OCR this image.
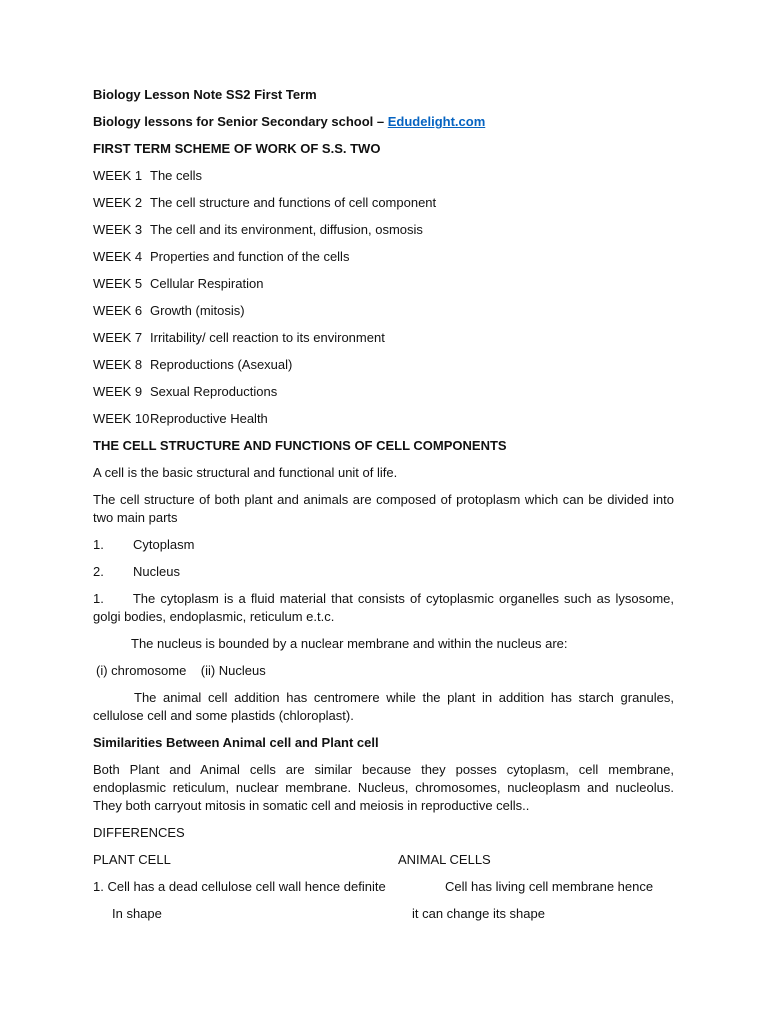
Biology Lesson Note SS2 First Term

Biology lessons for Senior Secondary school – Edudelight.com

FIRST TERM SCHEME OF WORK OF S.S. TWO

WEEK 1 The cells
WEEK 2 The cell structure and functions of cell component
WEEK 3 The cell and its environment, diffusion, osmosis
WEEK 4 Properties and function of the cells
WEEK 5 Cellular Respiration
WEEK 6 Growth (mitosis)
WEEK 7 Irritability/ cell reaction to its environment
WEEK 8 Reproductions (Asexual)
WEEK 9 Sexual Reproductions
WEEK 10 Reproductive Health

THE CELL STRUCTURE AND FUNCTIONS OF CELL COMPONENTS

A cell is the basic structural and functional unit of life.

The cell structure of both plant and animals are composed of protoplasm which can be divided into two main parts

1.	Cytoplasm
2.	Nucleus

1. The cytoplasm is a fluid material that consists of cytoplasmic organelles such as lysosome, golgi bodies, endoplasmic, reticulum e.t.c.

The nucleus is bounded by a nuclear membrane and within the nucleus are:

(i) chromosome    (ii) Nucleus

The animal cell addition has centromere while the plant in addition has starch granules, cellulose cell and some plastids (chloroplast).

Similarities Between Animal cell and Plant cell

Both Plant and Animal cells are similar because they posses cytoplasm, cell membrane, endoplasmic reticulum, nuclear membrane. Nucleus, chromosomes, nucleoplasm and nucleolus. They both carryout mitosis in somatic cell and meiosis in reproductive cells..

DIFFERENCES

PLANT CELL	ANIMAL CELLS
1. Cell has a dead cellulose cell wall hence definite	Cell has living cell membrane hence
In shape	it can change its shape
